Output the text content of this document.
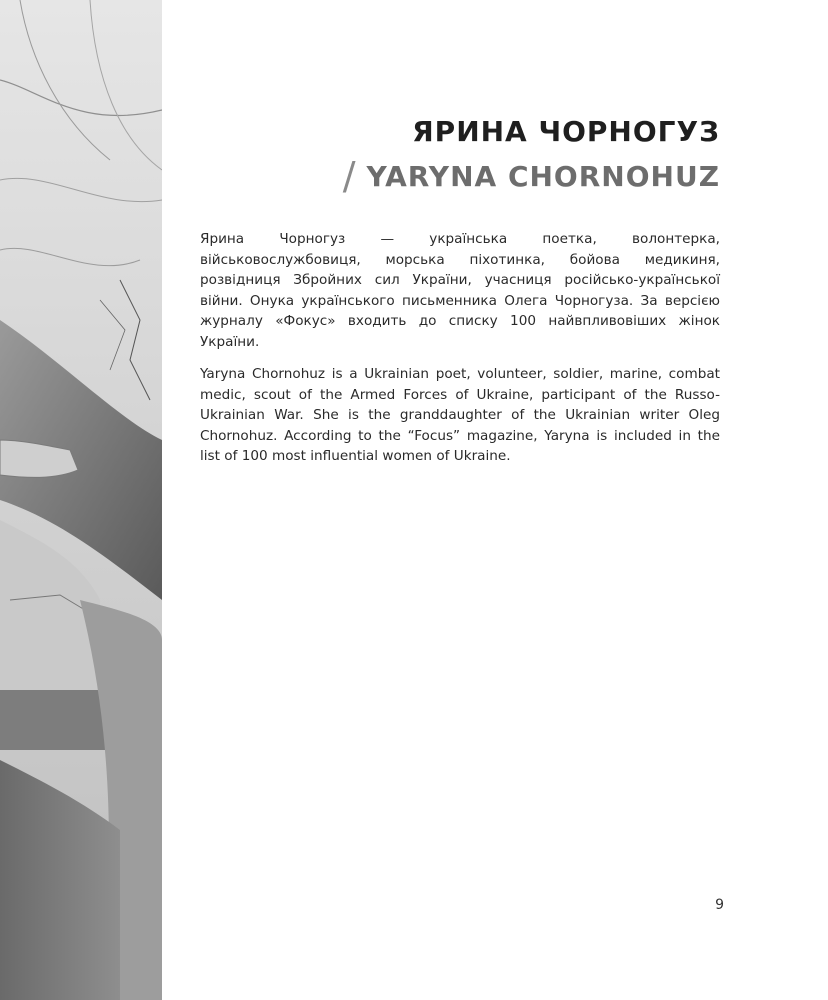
ЯРИНА ЧОРНОГУЗ
/ YARYNA CHORNOHUZ

Ярина Чорногуз — українська поетка, волонтерка, військовослужбовиця, морська піхотинка, бойова медикиня, розвідниця Збройних сил України, учасниця російсько-української війни. Онука українського письменника Олега Чорногуза. За версією журналу «Фокус» входить до списку 100 найвпливовіших жінок України.

Yaryna Chornohuz is a Ukrainian poet, volunteer, soldier, marine, combat medic, scout of the Armed Forces of Ukraine, participant of the Russo-Ukrainian War. She is the granddaughter of the Ukrainian writer Oleg Chornohuz. According to the “Focus” magazine, Yaryna is included in the list of 100 most influential women of Ukraine.

9
